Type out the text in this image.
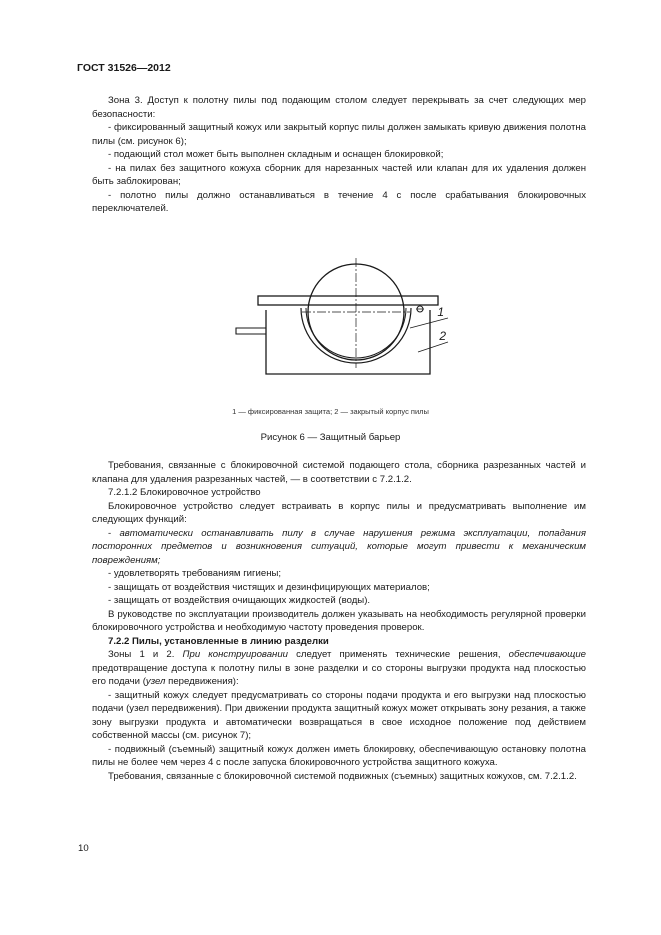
ГОСТ 31526—2012

Зона 3. Доступ к полотну пилы под подающим столом следует перекрывать за счет следующих мер безопасности:

- фиксированный защитный кожух или закрытый корпус пилы должен замыкать кривую движения полотна пилы (см. рисунок 6);

- подающий стол может быть выполнен складным и оснащен блокировкой;

- на пилах без защитного кожуха сборник для нарезанных частей или клапан для их удаления должен быть заблокирован;

- полотно пилы должно останавливаться в течение 4 с после срабатывания блокировочных переключателей.

1
2
1 — фиксированная защита; 2 — закрытый корпус пилы
Рисунок 6 — Защитный барьер

Требования, связанные с блокировочной системой подающего стола, сборника разрезанных частей и клапана для удаления разрезанных частей, — в соответствии с 7.2.1.2.

7.2.1.2 Блокировочное устройство

Блокировочное устройство следует встраивать в корпус пилы и предусматривать выполнение им следующих функций:

- автоматически останавливать пилу в случае нарушения режима эксплуатации, попадания посторонних предметов и возникновения ситуаций, которые могут привести к механическим повреждениям;

- удовлетворять требованиям гигиены;

- защищать от воздействия чистящих и дезинфицирующих материалов;

- защищать от воздействия очищающих жидкостей (воды).

В руководстве по эксплуатации производитель должен указывать на необходимость регулярной проверки блокировочного устройства и необходимую частоту проведения проверок.

7.2.2 Пилы, установленные в линию разделки

Зоны 1 и 2. При конструировании следует применять технические решения, обеспечивающие предотвращение доступа к полотну пилы в зоне разделки и со стороны выгрузки продукта над плоскостью его подачи (узел передвижения):

- защитный кожух следует предусматривать со стороны подачи продукта и его выгрузки над плоскостью подачи (узел передвижения). При движении продукта защитный кожух может открывать зону резания, а также зону выгрузки продукта и автоматически возвращаться в свое исходное положение под действием собственной массы (см. рисунок 7);

- подвижный (съемный) защитный кожух должен иметь блокировку, обеспечивающую остановку полотна пилы не более чем через 4 с после запуска блокировочного устройства защитного кожуха.

Требования, связанные с блокировочной системой подвижных (съемных) защитных кожухов, см. 7.2.1.2.

10
